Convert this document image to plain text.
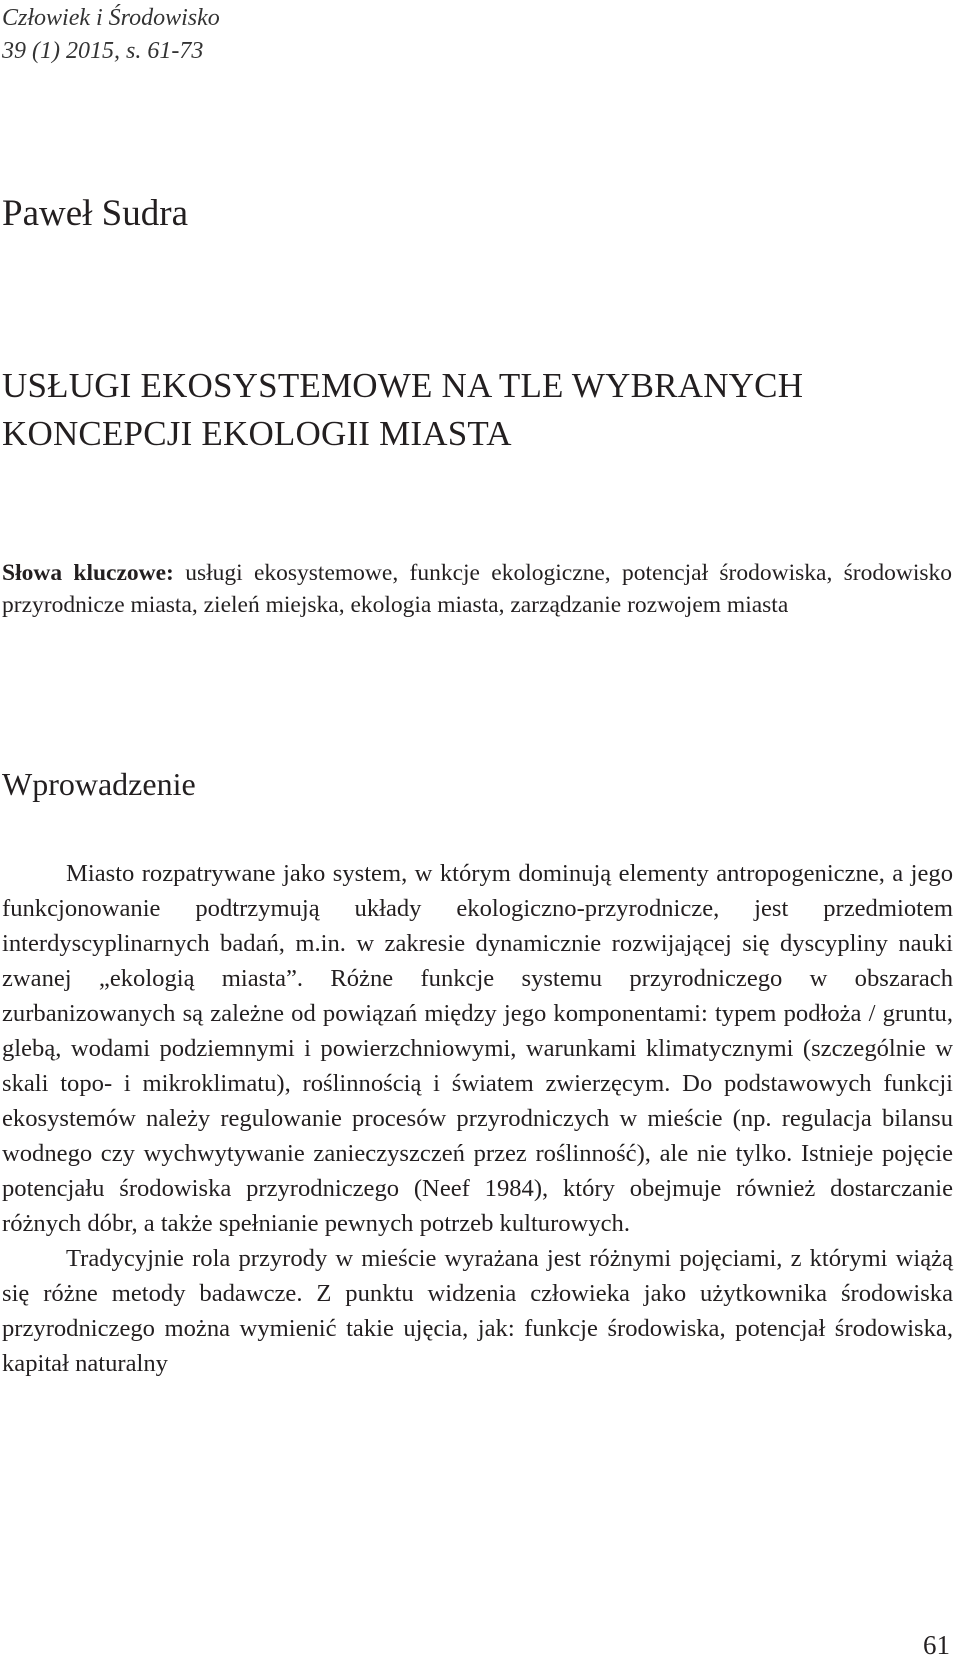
Człowiek i Środowisko
39 (1) 2015, s. 61-73
Paweł Sudra
USŁUGI EKOSYSTEMOWE NA TLE WYBRANYCH
KONCEPCJI EKOLOGII MIASTA
Słowa kluczowe: usługi ekosystemowe, funkcje ekologiczne, potencjał środowiska, środowisko przyrodnicze miasta, zieleń miejska, ekologia miasta, zarządzanie rozwojem miasta
Wprowadzenie

Miasto rozpatrywane jako system, w którym dominują elementy antropogeniczne, a jego funkcjonowanie podtrzymują układy ekologiczno-przyrodnicze, jest przedmiotem interdyscyplinarnych badań, m.in. w zakresie dynamicznie rozwijającej się dyscypliny nauki zwanej „ekologią miasta”. Różne funkcje systemu przyrodniczego w obszarach zurbanizowanych są zależne od powiązań między jego komponentami: typem podłoża / gruntu, glebą, wodami podziemnymi i powierzchniowymi, warunkami klimatycznymi (szczególnie w skali topo- i mikroklimatu), roślinnością i światem zwierzęcym. Do podstawowych funkcji ekosystemów należy regulowanie procesów przyrodniczych w mieście (np. regulacja bilansu wodnego czy wychwytywanie zanieczyszczeń przez roślinność), ale nie tylko. Istnieje pojęcie potencjału środowiska przyrodniczego (Neef 1984), który obejmuje również dostarczanie różnych dóbr, a także spełnianie pewnych potrzeb kulturowych.

Tradycyjnie rola przyrody w mieście wyrażana jest różnymi pojęciami, z którymi wiążą się różne metody badawcze. Z punktu widzenia człowieka jako użytkownika środowiska przyrodniczego można wymienić takie ujęcia, jak: funkcje środowiska, potencjał środowiska, kapitał naturalny

61
